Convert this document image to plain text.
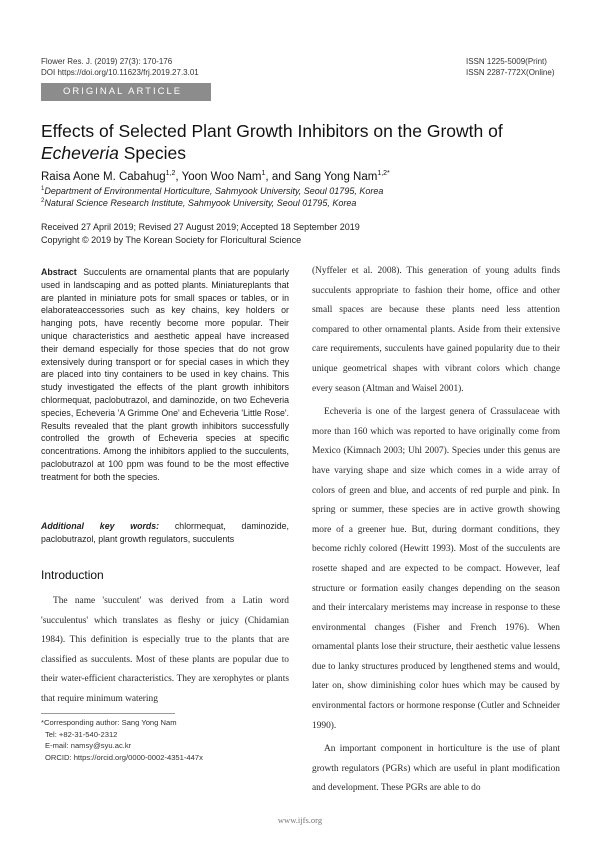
Flower Res. J. (2019) 27(3): 170-176
DOI https://doi.org/10.11623/frj.2019.27.3.01
ISSN 1225-5009(Print)
ISSN 2287-772X(Online)
ORIGINAL ARTICLE
Effects of Selected Plant Growth Inhibitors on the Growth of
Echeveria Species
Raisa Aone M. Cabahug$^{1,2}$, Yoon Woo Nam$^1$, and Sang Yong Nam$^{1,2*}$
$^1$Department of Environmental Horticulture, Sahmyook University, Seoul 01795, Korea
$^2$Natural Science Research Institute, Sahmyook University, Seoul 01795, Korea
Received 27 April 2019; Revised 27 August 2019; Accepted 18 September 2019
Copyright © 2019 by The Korean Society for Floricultural Science
Abstract Succulents are ornamental plants that are popularly used in landscaping and as potted plants. Miniatureplants that are planted in miniature pots for small spaces or tables, or in elaborateaccessories such as key chains, key holders or hanging pots, have recently become more popular. Their unique characteristics and aesthetic appeal have increased their demand especially for those species that do not grow extensively during transport or for special cases in which they are placed into tiny containers to be used in key chains. This study investigated the effects of the plant growth inhibitors chlormequat, paclobutrazol, and daminozide, on two Echeveria species, Echeveria 'A Grimme One' and Echeveria 'Little Rose'. Results revealed that the plant growth inhibitors successfully controlled the growth of Echeveria species at specific concentrations. Among the inhibitors applied to the succulents, paclobutrazol at 100 ppm was found to be the most effective treatment for both the species.
Additional key words: chlormequat, daminozide, paclobutrazol, plant growth regulators, succulents
Introduction

The name 'succulent' was derived from a Latin word 'succulentus' which translates as fleshy or juicy (Chidamian 1984). This definition is especially true to the plants that are classified as succulents. Most of these plants are popular due to their water-efficient characteristics. They are xerophytes or plants that require minimum watering

(Nyffeler et al. 2008). This generation of young adults finds succulents appropriate to fashion their home, office and other small spaces are because these plants need less attention compared to other ornamental plants. Aside from their extensive care requirements, succulents have gained popularity due to their unique geometrical shapes with vibrant colors which change every season (Altman and Waisel 2001).

Echeveria is one of the largest genera of Crassulaceae with more than 160 which was reported to have originally come from Mexico (Kimnach 2003; Uhl 2007). Species under this genus are have varying shape and size which comes in a wide array of colors of green and blue, and accents of red purple and pink. In spring or summer, these species are in active growth showing more of a greener hue. But, during dormant conditions, they become richly colored (Hewitt 1993). Most of the succulents are rosette shaped and are expected to be compact. However, leaf structure or formation easily changes depending on the season and their intercalary meristems may increase in response to these environmental changes (Fisher and French 1976). When ornamental plants lose their structure, their aesthetic value lessens due to lanky structures produced by lengthened stems and would, later on, show diminishing color hues which may be caused by environmental factors or hormone response (Cutler and Schneider 1990).

An important component in horticulture is the use of plant growth regulators (PGRs) which are useful in plant modification and development. These PGRs are able to do

*Corresponding author: Sang Yong Nam
Tel: +82-31-540-2312
E-mail: namsy@syu.ac.kr
ORCID: https://orcid.org/0000-0002-4351-447x
www.ijfs.org
